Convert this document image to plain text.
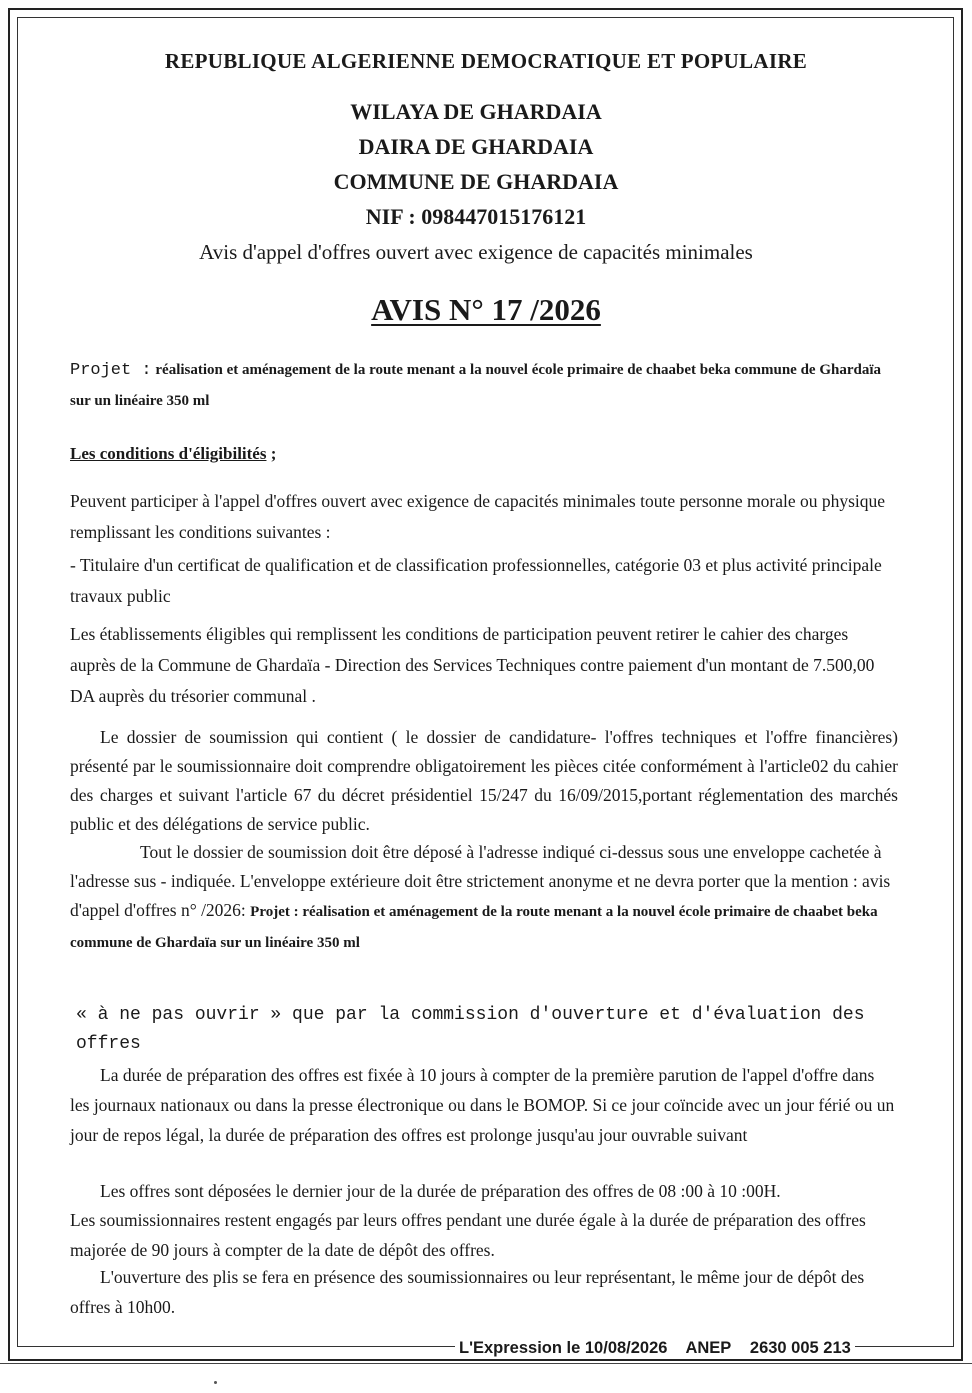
REPUBLIQUE ALGERIENNE DEMOCRATIQUE ET POPULAIRE
WILAYA DE GHARDAIA
DAIRA DE GHARDAIA
COMMUNE DE GHARDAIA
NIF : 098447015176121
Avis d'appel d'offres ouvert avec exigence de capacités minimales
AVIS N° 17 /2026
Projet : réalisation et aménagement de la route menant a la nouvel école primaire de chaabet beka commune de Ghardaïa sur un linéaire 350 ml
Les conditions d'éligibilités ;

Peuvent participer à l'appel d'offres ouvert avec exigence de capacités minimales toute personne morale ou physique remplissant les conditions suivantes :

- Titulaire d'un certificat de qualification et de classification professionnelles, catégorie 03 et plus activité principale travaux public

Les établissements éligibles qui remplissent les conditions de participation peuvent retirer le cahier des charges auprès de la Commune de Ghardaïa - Direction des Services Techniques contre paiement d'un montant de 7.500,00 DA auprès du trésorier communal .

Le dossier de soumission qui contient ( le dossier de candidature- l'offres techniques et l'offre financières) présenté par le soumissionnaire doit comprendre obligatoirement les pièces citée conformément à l'article02 du cahier des charges et suivant l'article 67 du décret présidentiel 15/247 du 16/09/2015,portant réglementation des marchés public et des délégations de service public.

Tout le dossier de soumission doit être déposé à l'adresse indiqué ci-dessus sous une enveloppe cachetée à l'adresse sus - indiquée. L'enveloppe extérieure doit être strictement anonyme et ne devra porter que la mention : avis d'appel d'offres n° /2026: Projet : réalisation et aménagement de la route menant a la nouvel école primaire de chaabet beka commune de Ghardaïa sur un linéaire 350 ml

« à ne pas ouvrir » que par la commission d'ouverture et d'évaluation des offres

La durée de préparation des offres est fixée à 10 jours à compter de la première parution de l'appel d'offre dans les journaux nationaux ou dans la presse électronique ou dans le BOMOP. Si ce jour coïncide avec un jour férié ou un jour de repos légal, la durée de préparation des offres est prolonge jusqu'au jour ouvrable suivant

Les offres sont déposées le dernier jour de la durée de préparation des offres de 08 :00 à 10 :00H.

Les soumissionnaires restent engagés par leurs offres pendant une durée égale à la durée de préparation des offres majorée de 90 jours à compter de la date de dépôt des offres.

L'ouverture des plis se fera en présence des soumissionnaires ou leur représentant, le même jour de dépôt des offres à 10h00.

L'Expression le 10/08/2026 ANEP 2630 005 213
